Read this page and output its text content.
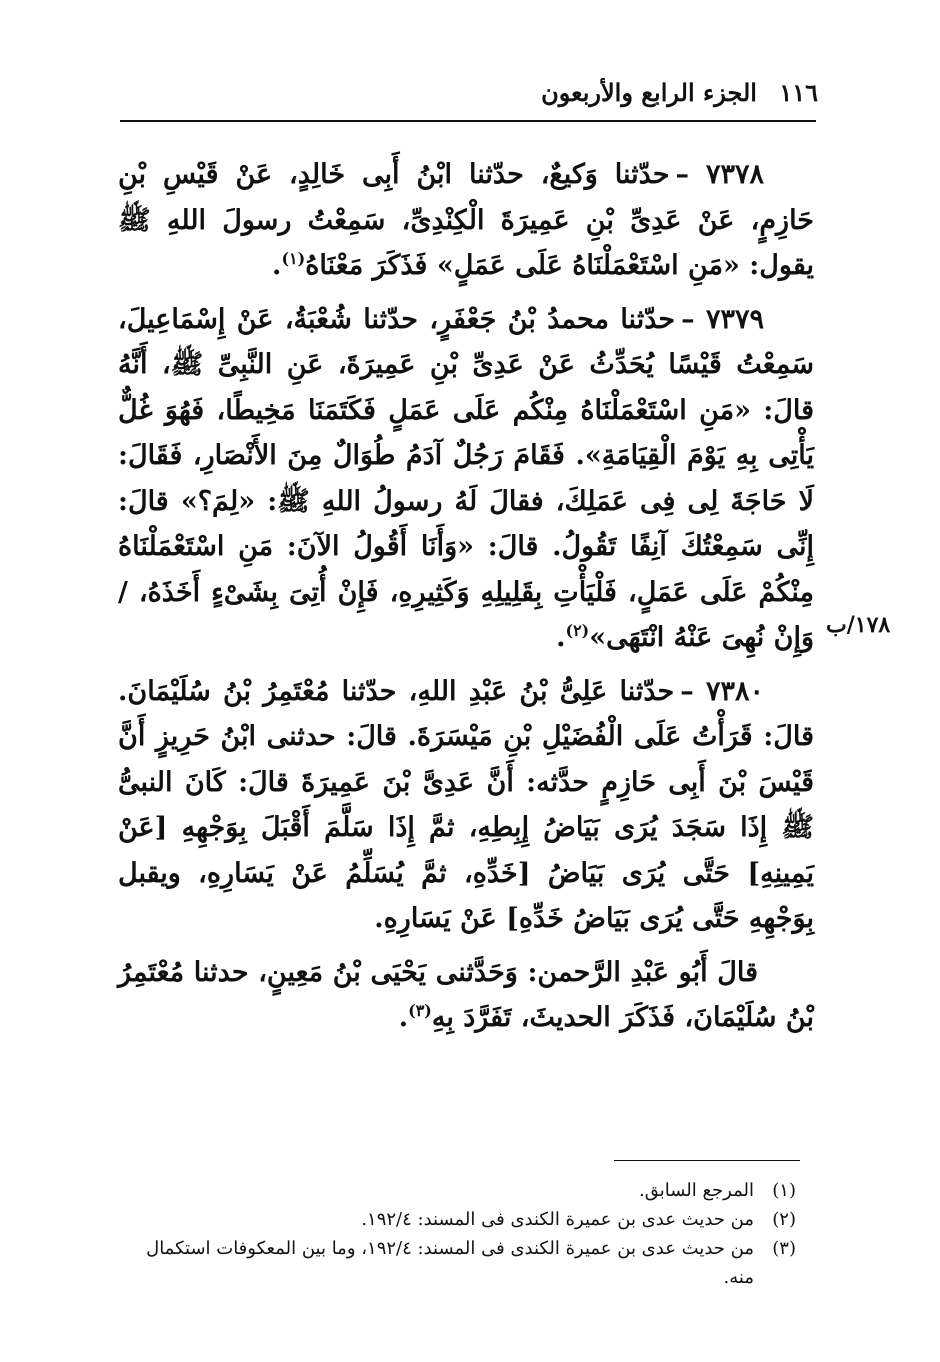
١١٦ الجزء الرابع والأربعون
١٧٨/ب

٧٣٧٨ –حدّثنا وَكيعٌ، حدّثنا ابْنُ أَبِى خَالِدٍ، عَنْ قَيْسِ بْنِ حَازِمٍ، عَنْ عَدِىِّ بْنِ عَمِيرَةَ الْكِنْدِىِّ، سَمِعْتُ رسولَ اللهِ ﷺ يقول: «مَنِ اسْتَعْمَلْنَاهُ عَلَى عَمَلٍ» فَذَكَرَ مَعْنَاهُ$^{(١)}$.

٧٣٧٩ –حدّثنا محمدُ بْنُ جَعْفَرٍ، حدّثنا شُعْبَةُ، عَنْ إِسْمَاعِيلَ، سَمِعْتُ قَيْسًا يُحَدِّثُ عَنْ عَدِىِّ بْنِ عَمِيرَةَ، عَنِ النَّبِىِّ ﷺ، أَنَّهُ قالَ: «مَنِ اسْتَعْمَلْنَاهُ مِنْكُم عَلَى عَمَلٍ فَكَتَمَنَا مَخِيطًا، فَهُوَ غُلٌّ يَأْتِى بِهِ يَوْمَ الْقِيَامَةِ». فَقَامَ رَجُلٌ آدَمُ طُوَالٌ مِنَ الأَنْصَارِ، فَقَالَ: لَا حَاجَةَ لِى فِى عَمَلِكَ، فقالَ لَهُ رسولُ اللهِ ﷺ: «لِمَ؟» قالَ: إِنِّى سَمِعْتُكَ آنِفًا تَقُولُ. قالَ: «وَأَنَا أَقُولُ الآنَ: مَنِ اسْتَعْمَلْنَاهُ مِنْكُمْ عَلَى عَمَلٍ، فَلْيَأْتِ بِقَلِيلِهِ وَكَثِيرِهِ، فَإِنْ أُتِىَ بِشَىْءٍ أَخَذَهُ، / وَإِنْ نُهِىَ عَنْهُ انْتَهَى»$^{(٢)}$.

٧٣٨٠ –حدّثنا عَلِىُّ بْنُ عَبْدِ اللهِ، حدّثنا مُعْتَمِرُ بْنُ سُلَيْمَانَ. قالَ: قَرَأْتُ عَلَى الْفُضَيْلِ بْنِ مَيْسَرَةَ. قالَ: حدثنى ابْنُ حَرِيزٍ أَنَّ قَيْسَ بْنَ أَبِى حَازِمٍ حدَّثه: أَنَّ عَدِىَّ بْنَ عَمِيرَةَ قالَ: كَانَ النبىُّ ﷺ إِذَا سَجَدَ يُرَى بَيَاضُ إِبِطِهِ، ثمَّ إِذَا سَلَّمَ أَقْبَلَ بِوَجْهِهِ [عَنْ يَمِينِهِ] حَتَّى يُرَى بَيَاضُ [خَدِّهِ، ثمَّ يُسَلِّمُ عَنْ يَسَارِهِ، ويقبل بِوَجْهِهِ حَتَّى يُرَى بَيَاضُ خَدِّهِ] عَنْ يَسَارِهِ.

قالَ أَبُو عَبْدِ الرَّحمن: وَحَدَّثنى يَحْيَى بْنُ مَعِينٍ، حدثنا مُعْتَمِرُ بْنُ سُلَيْمَانَ، فَذَكَرَ الحديثَ، تَفَرَّدَ بِهِ$^{(٣)}$.

(١)المرجع السابق.

(٢)من حديث عدى بن عميرة الكندى فى المسند: ١٩٢/٤.

(٣)من حديث عدى بن عميرة الكندى فى المسند: ١٩٢/٤، وما بين المعكوفات استكمال منه.
